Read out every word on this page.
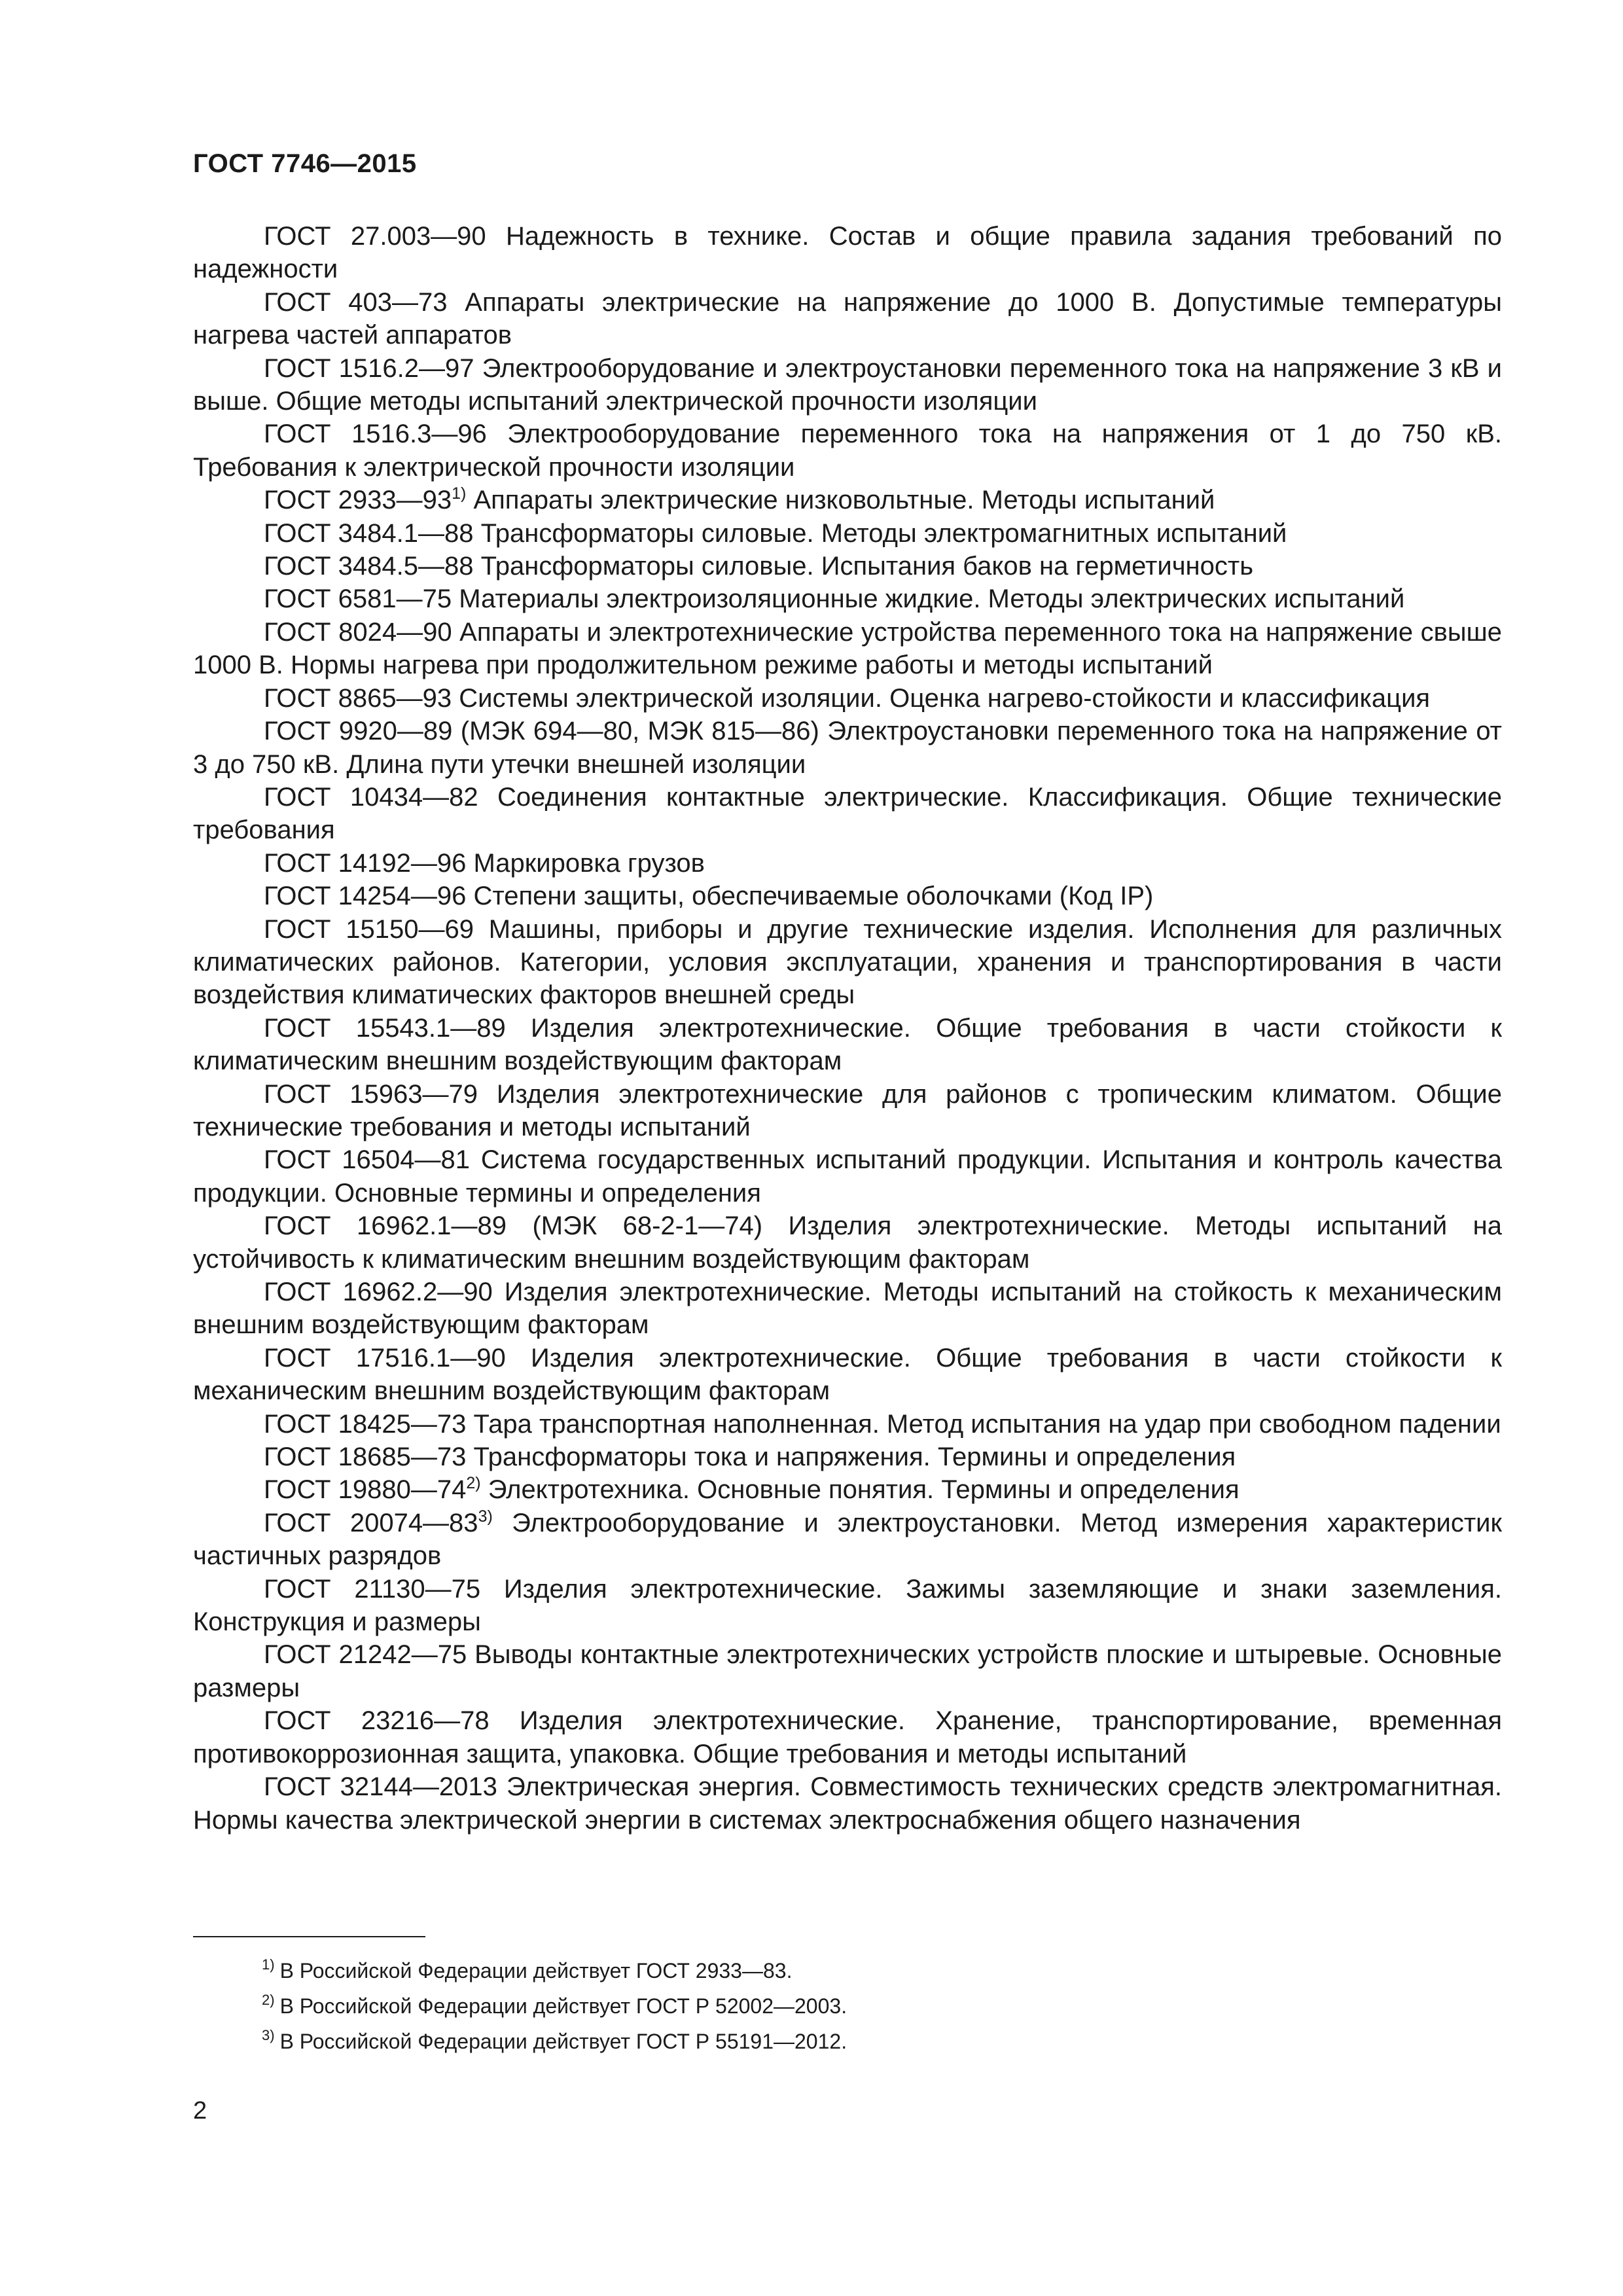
ГОСТ 7746—2015

ГОСТ 27.003—90 Надежность в технике. Состав и общие правила задания требований по надежности

ГОСТ 403—73 Аппараты электрические на напряжение до 1000 В. Допустимые температуры нагрева частей аппаратов

ГОСТ 1516.2—97 Электрооборудование и электроустановки переменного тока на напряжение 3 кВ и выше. Общие методы испытаний электрической прочности изоляции

ГОСТ 1516.3—96 Электрооборудование переменного тока на напряжения от 1 до 750 кВ. Требования к электрической прочности изоляции

ГОСТ 2933—93$^{1)}$ Аппараты электрические низковольтные. Методы испытаний

ГОСТ 3484.1—88 Трансформаторы силовые. Методы электромагнитных испытаний

ГОСТ 3484.5—88 Трансформаторы силовые. Испытания баков на герметичность

ГОСТ 6581—75 Материалы электроизоляционные жидкие. Методы электрических испытаний

ГОСТ 8024—90 Аппараты и электротехнические устройства переменного тока на напряжение свыше 1000 В. Нормы нагрева при продолжительном режиме работы и методы испытаний

ГОСТ 8865—93 Системы электрической изоляции. Оценка нагрево-стойкости и классификация

ГОСТ 9920—89 (МЭК 694—80, МЭК 815—86) Электроустановки переменного тока на напряжение от 3 до 750 кВ. Длина пути утечки внешней изоляции

ГОСТ 10434—82 Соединения контактные электрические. Классификация. Общие технические требования

ГОСТ 14192—96 Маркировка грузов

ГОСТ 14254—96 Степени защиты, обеспечиваемые оболочками (Код IP)

ГОСТ 15150—69 Машины, приборы и другие технические изделия. Исполнения для различных климатических районов. Категории, условия эксплуатации, хранения и транспортирования в части воздействия климатических факторов внешней среды

ГОСТ 15543.1—89 Изделия электротехнические. Общие требования в части стойкости к климатическим внешним воздействующим факторам

ГОСТ 15963—79 Изделия электротехнические для районов с тропическим климатом. Общие технические требования и методы испытаний

ГОСТ 16504—81 Система государственных испытаний продукции. Испытания и контроль качества продукции. Основные термины и определения

ГОСТ 16962.1—89 (МЭК 68-2-1—74) Изделия электротехнические. Методы испытаний на устойчивость к климатическим внешним воздействующим факторам

ГОСТ 16962.2—90 Изделия электротехнические. Методы испытаний на стойкость к механическим внешним воздействующим факторам

ГОСТ 17516.1—90 Изделия электротехнические. Общие требования в части стойкости к механическим внешним воздействующим факторам

ГОСТ 18425—73 Тара транспортная наполненная. Метод испытания на удар при свободном падении

ГОСТ 18685—73 Трансформаторы тока и напряжения. Термины и определения

ГОСТ 19880—74$^{2)}$ Электротехника. Основные понятия. Термины и определения

ГОСТ 20074—83$^{3)}$ Электрооборудование и электроустановки. Метод измерения характеристик частичных разрядов

ГОСТ 21130—75 Изделия электротехнические. Зажимы заземляющие и знаки заземления. Конструкция и размеры

ГОСТ 21242—75 Выводы контактные электротехнических устройств плоские и штыревые. Основные размеры

ГОСТ 23216—78 Изделия электротехнические. Хранение, транспортирование, временная противокоррозионная защита, упаковка. Общие требования и методы испытаний

ГОСТ 32144—2013 Электрическая энергия. Совместимость технических средств электромагнитная. Нормы качества электрической энергии в системах электроснабжения общего назначения

$^{1)}$ В Российской Федерации действует ГОСТ 2933—83.

$^{2)}$ В Российской Федерации действует ГОСТ Р 52002—2003.

$^{3)}$ В Российской Федерации действует ГОСТ Р 55191—2012.

2
